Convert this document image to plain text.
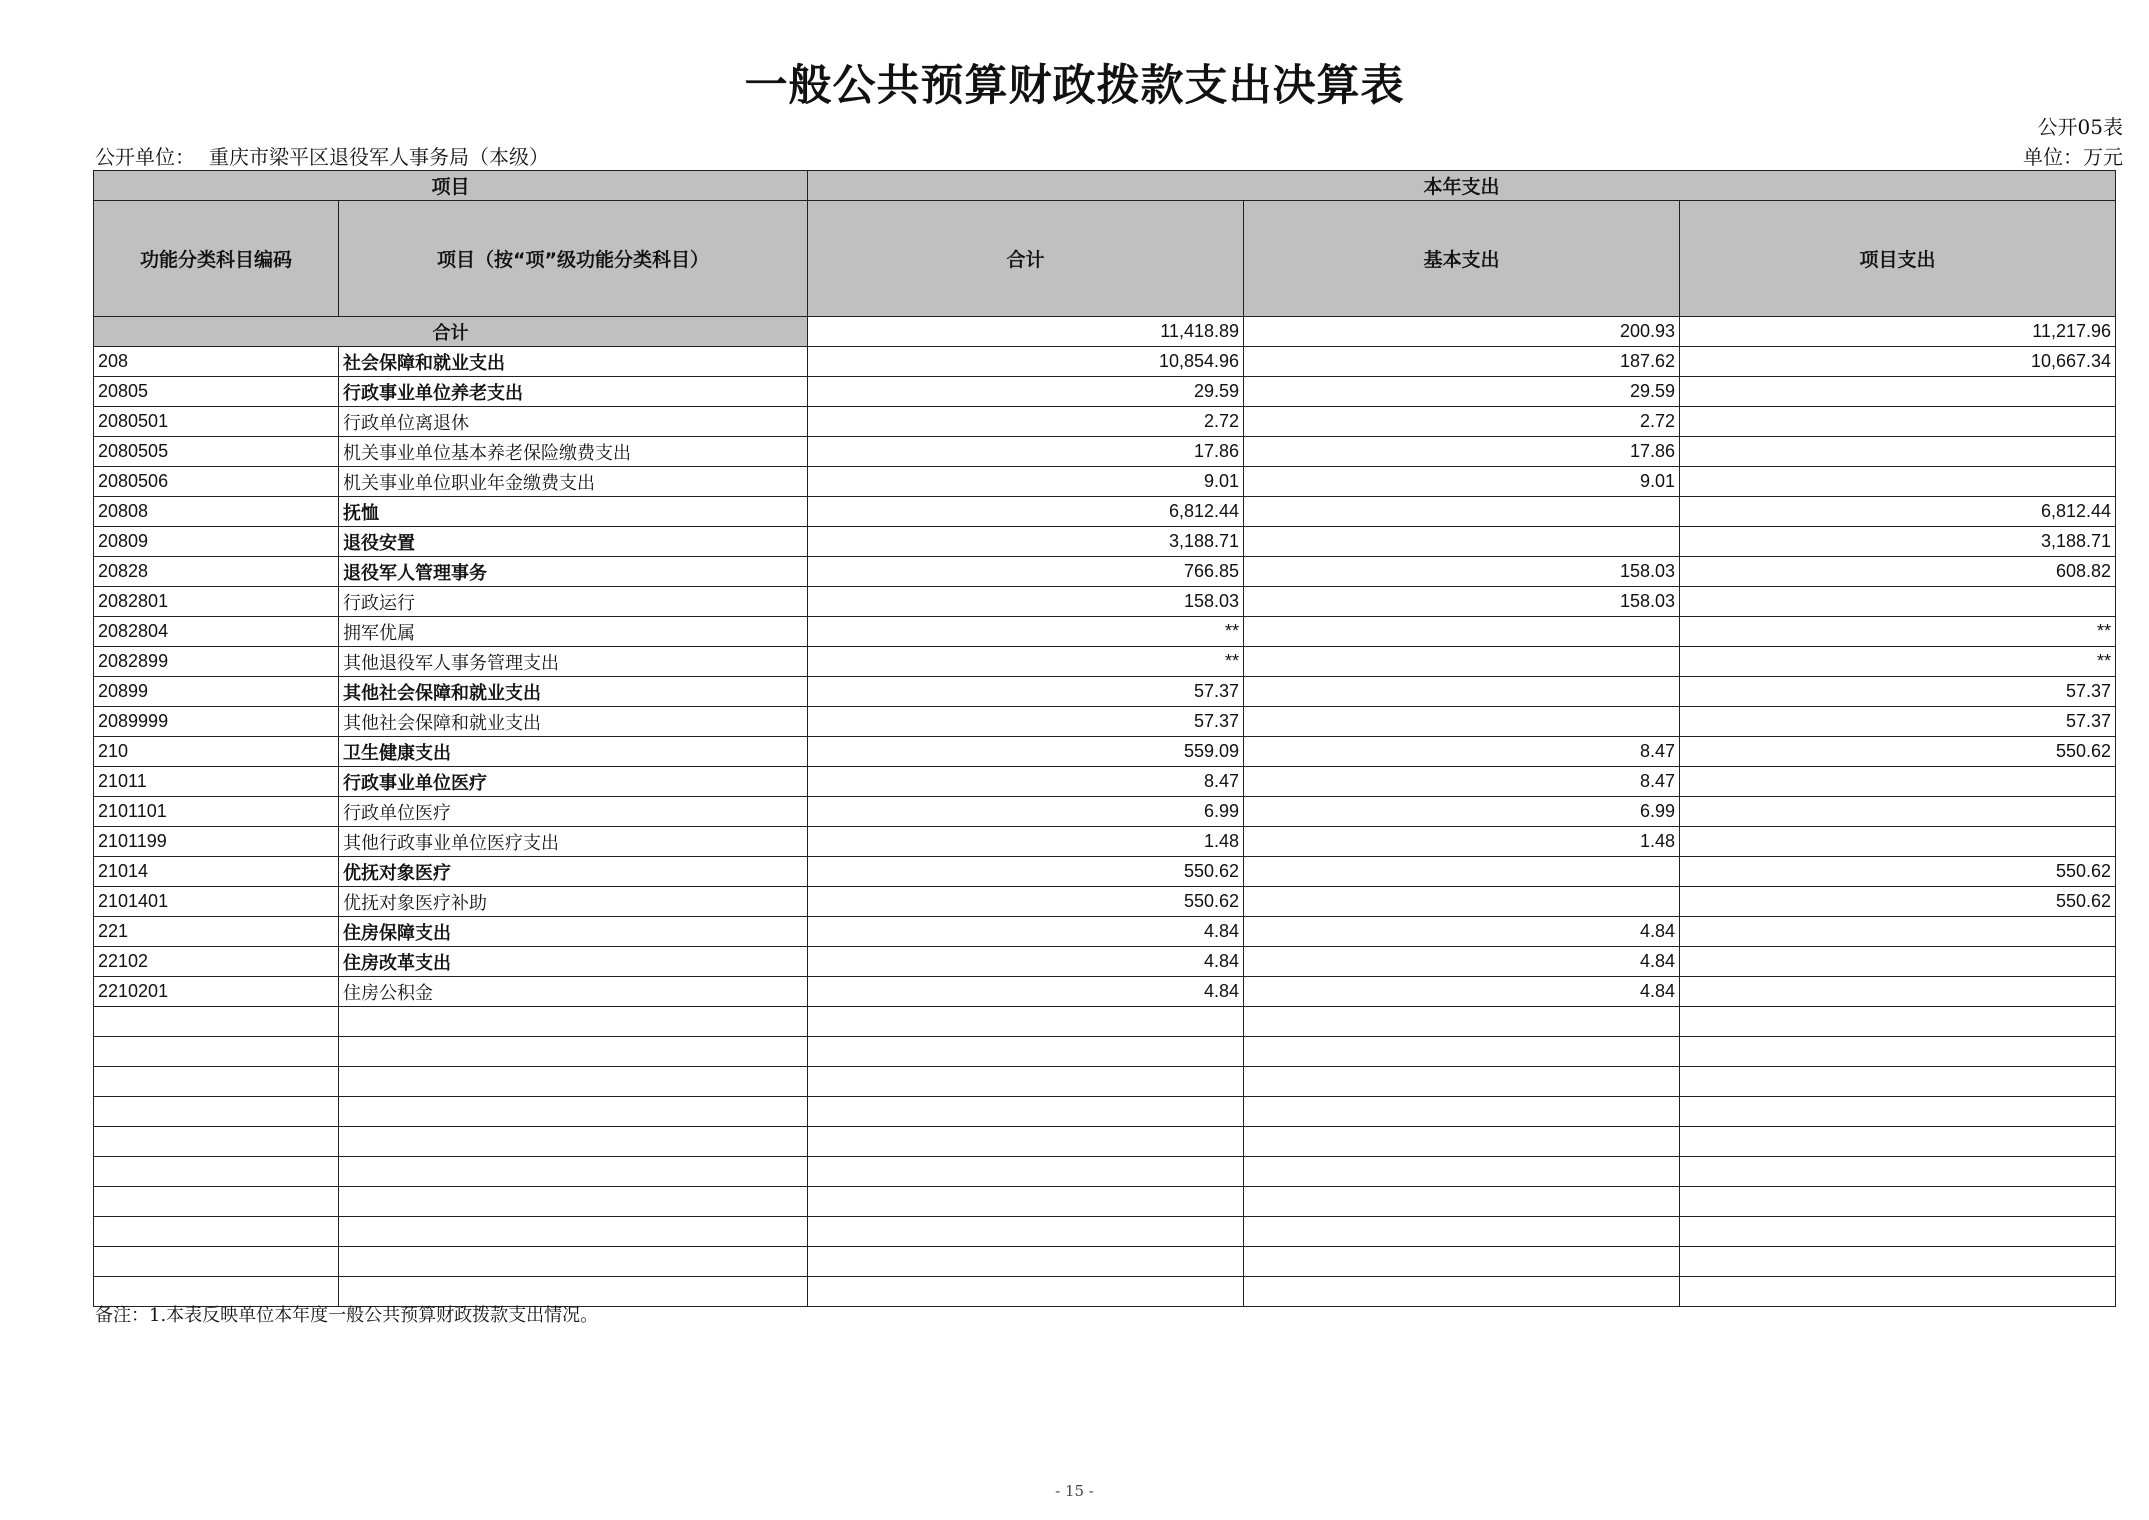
一般公共预算财政拨款支出决算表
公开05表
公开单位： 重庆市梁平区退役军人事务局（本级）	单位：万元
项目		本年支出		
功能分类科目编码	项目（按“项”级功能分类科目）	合计	基本支出	项目支出
合计		11,418.89	200.93	11,217.96
208	社会保障和就业支出	10,854.96	187.62	10,667.34
20805	行政事业单位养老支出	29.59	29.59	
2080501	行政单位离退休	2.72	2.72	
2080505	机关事业单位基本养老保险缴费支出	17.86	17.86	
2080506	机关事业单位职业年金缴费支出	9.01	9.01	
20808	抚恤	6,812.44		6,812.44
20809	退役安置	3,188.71		3,188.71
20828	退役军人管理事务	766.85	158.03	608.82
2082801	行政运行	158.03	158.03	
2082804	拥军优属	**		**
2082899	其他退役军人事务管理支出	**		**
20899	其他社会保障和就业支出	57.37		57.37
2089999	其他社会保障和就业支出	57.37		57.37
210	卫生健康支出	559.09	8.47	550.62
21011	行政事业单位医疗	8.47	8.47	
2101101	行政单位医疗	6.99	6.99	
2101199	其他行政事业单位医疗支出	1.48	1.48	
21014	优抚对象医疗	550.62		550.62
2101401	优抚对象医疗补助	550.62		550.62
221	住房保障支出	4.84	4.84	
22102	住房改革支出	4.84	4.84	
2210201	住房公积金	4.84	4.84	

备注：1.本表反映单位本年度一般公共预算财政拨款支出情况。
- 15 -
